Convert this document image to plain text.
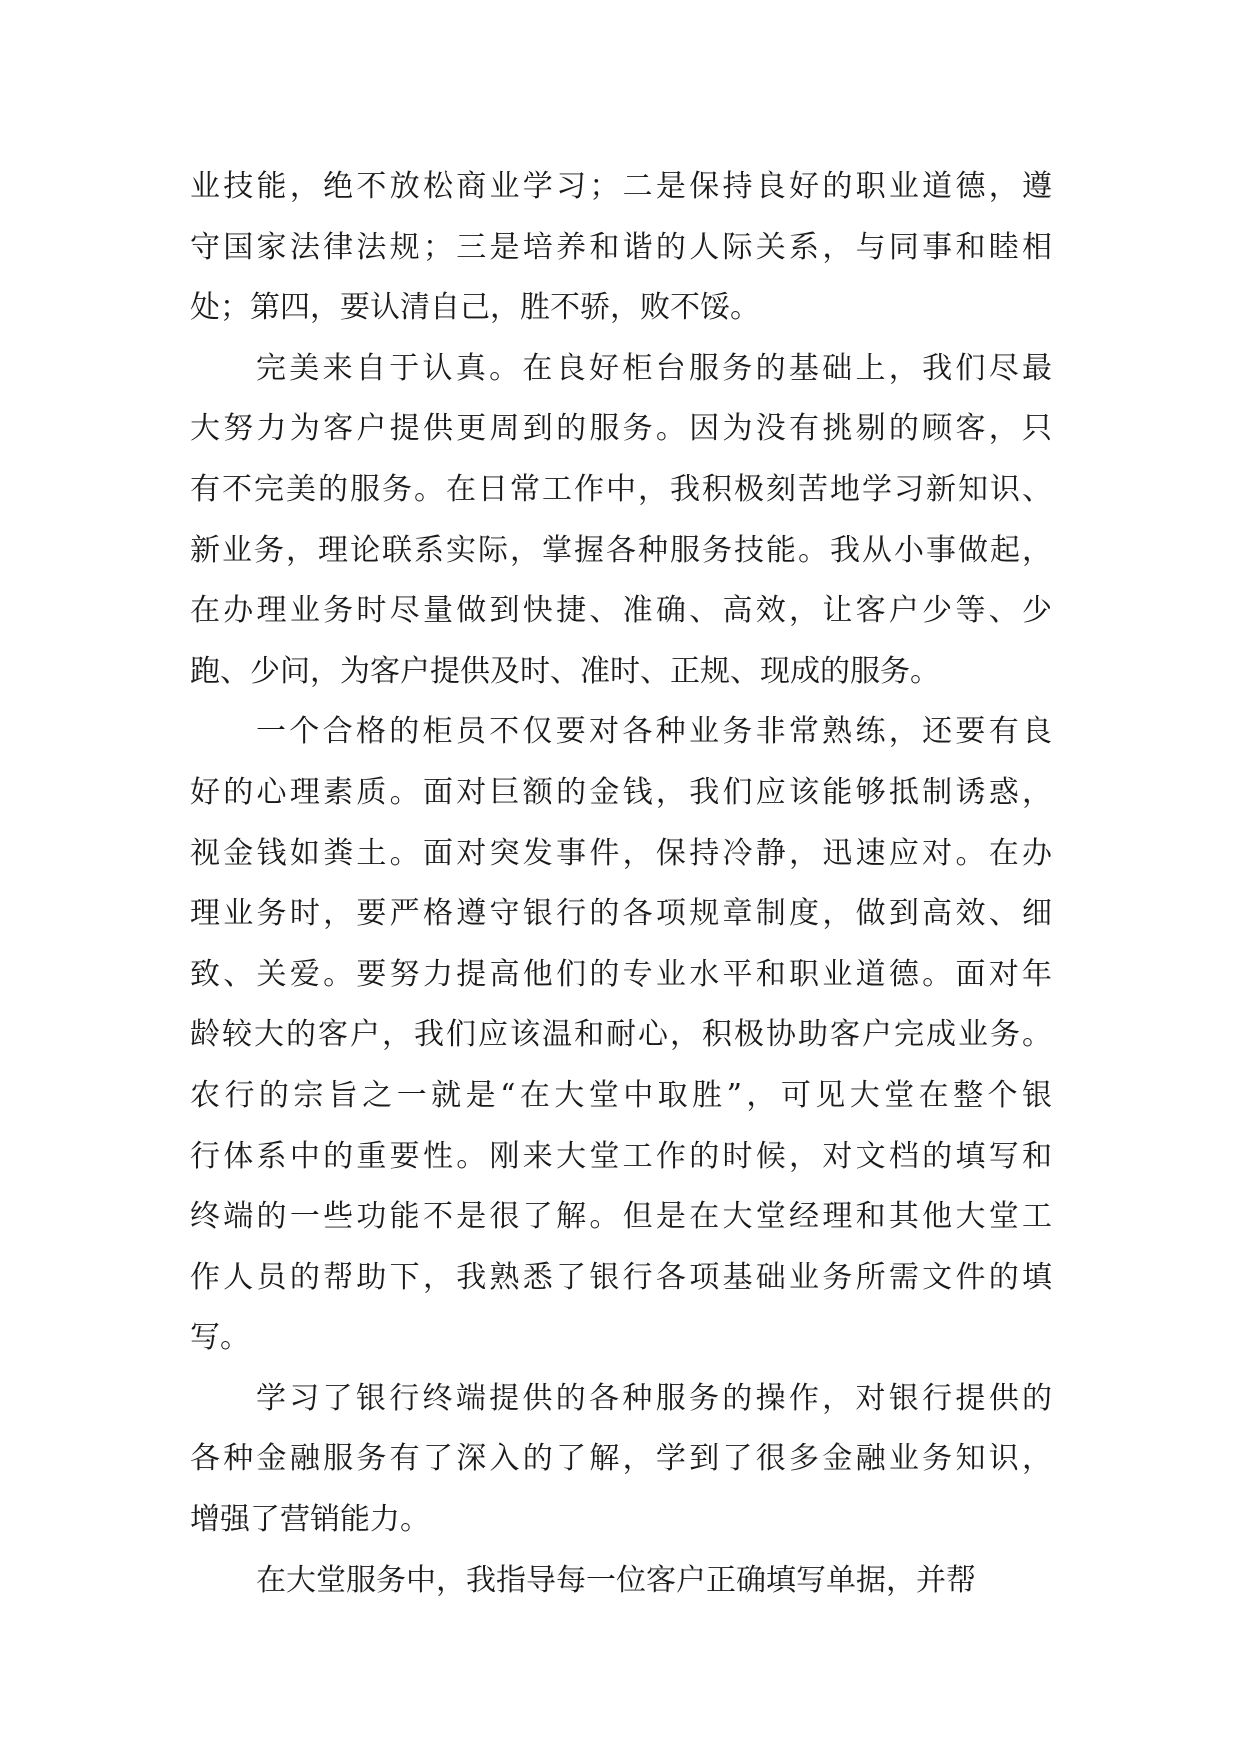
业技能，绝不放松商业学习；二是保持良好的职业道德，遵
守国家法律法规；三是培养和谐的人际关系，与同事和睦相
处；第四，要认清自己，胜不骄，败不馁。
完美来自于认真。在良好柜台服务的基础上，我们尽最
大努力为客户提供更周到的服务。因为没有挑剔的顾客，只
有不完美的服务。在日常工作中，我积极刻苦地学习新知识、
新业务，理论联系实际，掌握各种服务技能。我从小事做起，
在办理业务时尽量做到快捷、准确、高效，让客户少等、少
跑、少问，为客户提供及时、准时、正规、现成的服务。
一个合格的柜员不仅要对各种业务非常熟练，还要有良
好的心理素质。面对巨额的金钱，我们应该能够抵制诱惑，
视金钱如粪土。面对突发事件，保持冷静，迅速应对。在办
理业务时，要严格遵守银行的各项规章制度，做到高效、细
致、关爱。要努力提高他们的专业水平和职业道德。面对年
龄较大的客户，我们应该温和耐心，积极协助客户完成业务。
农行的宗旨之一就是“在大堂中取胜”，可见大堂在整个银
行体系中的重要性。刚来大堂工作的时候，对文档的填写和
终端的一些功能不是很了解。但是在大堂经理和其他大堂工
作人员的帮助下，我熟悉了银行各项基础业务所需文件的填
写。
学习了银行终端提供的各种服务的操作，对银行提供的
各种金融服务有了深入的了解，学到了很多金融业务知识，
增强了营销能力。
在大堂服务中，我指导每一位客户正确填写单据，并帮
